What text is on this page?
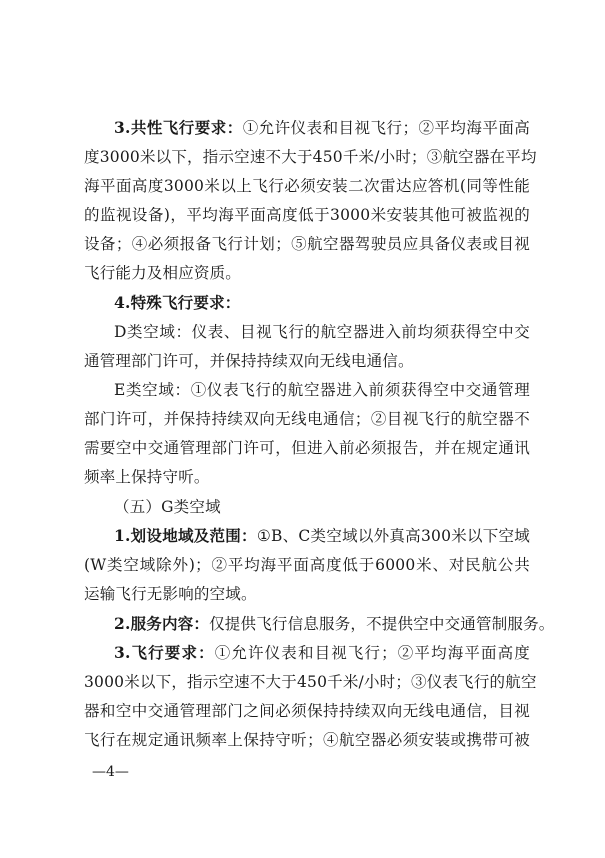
3.共性飞行要求：①允许仪表和目视飞行；②平均海平面高
度3000米以下，指示空速不大于450千米/小时；③航空器在平均
海平面高度3000米以上飞行必须安装二次雷达应答机(同等性能
的监视设备)，平均海平面高度低于3000米安装其他可被监视的
设备；④必须报备飞行计划；⑤航空器驾驶员应具备仪表或目视
飞行能力及相应资质。
4.特殊飞行要求：
D类空域：仪表、目视飞行的航空器进入前均须获得空中交
通管理部门许可，并保持持续双向无线电通信。
E类空域：①仪表飞行的航空器进入前须获得空中交通管理
部门许可，并保持持续双向无线电通信；②目视飞行的航空器不
需要空中交通管理部门许可，但进入前必须报告，并在规定通讯
频率上保持守听。
（五）G类空域
1.划设地域及范围：①B、C类空域以外真高300米以下空域
(W类空域除外)；②平均海平面高度低于6000米、对民航公共
运输飞行无影响的空域。
2.服务内容：仅提供飞行信息服务，不提供空中交通管制服务。
3.飞行要求：①允许仪表和目视飞行；②平均海平面高度
3000米以下，指示空速不大于450千米/小时；③仪表飞行的航空
器和空中交通管理部门之间必须保持持续双向无线电通信，目视
飞行在规定通讯频率上保持守听；④航空器必须安装或携带可被
—4—
